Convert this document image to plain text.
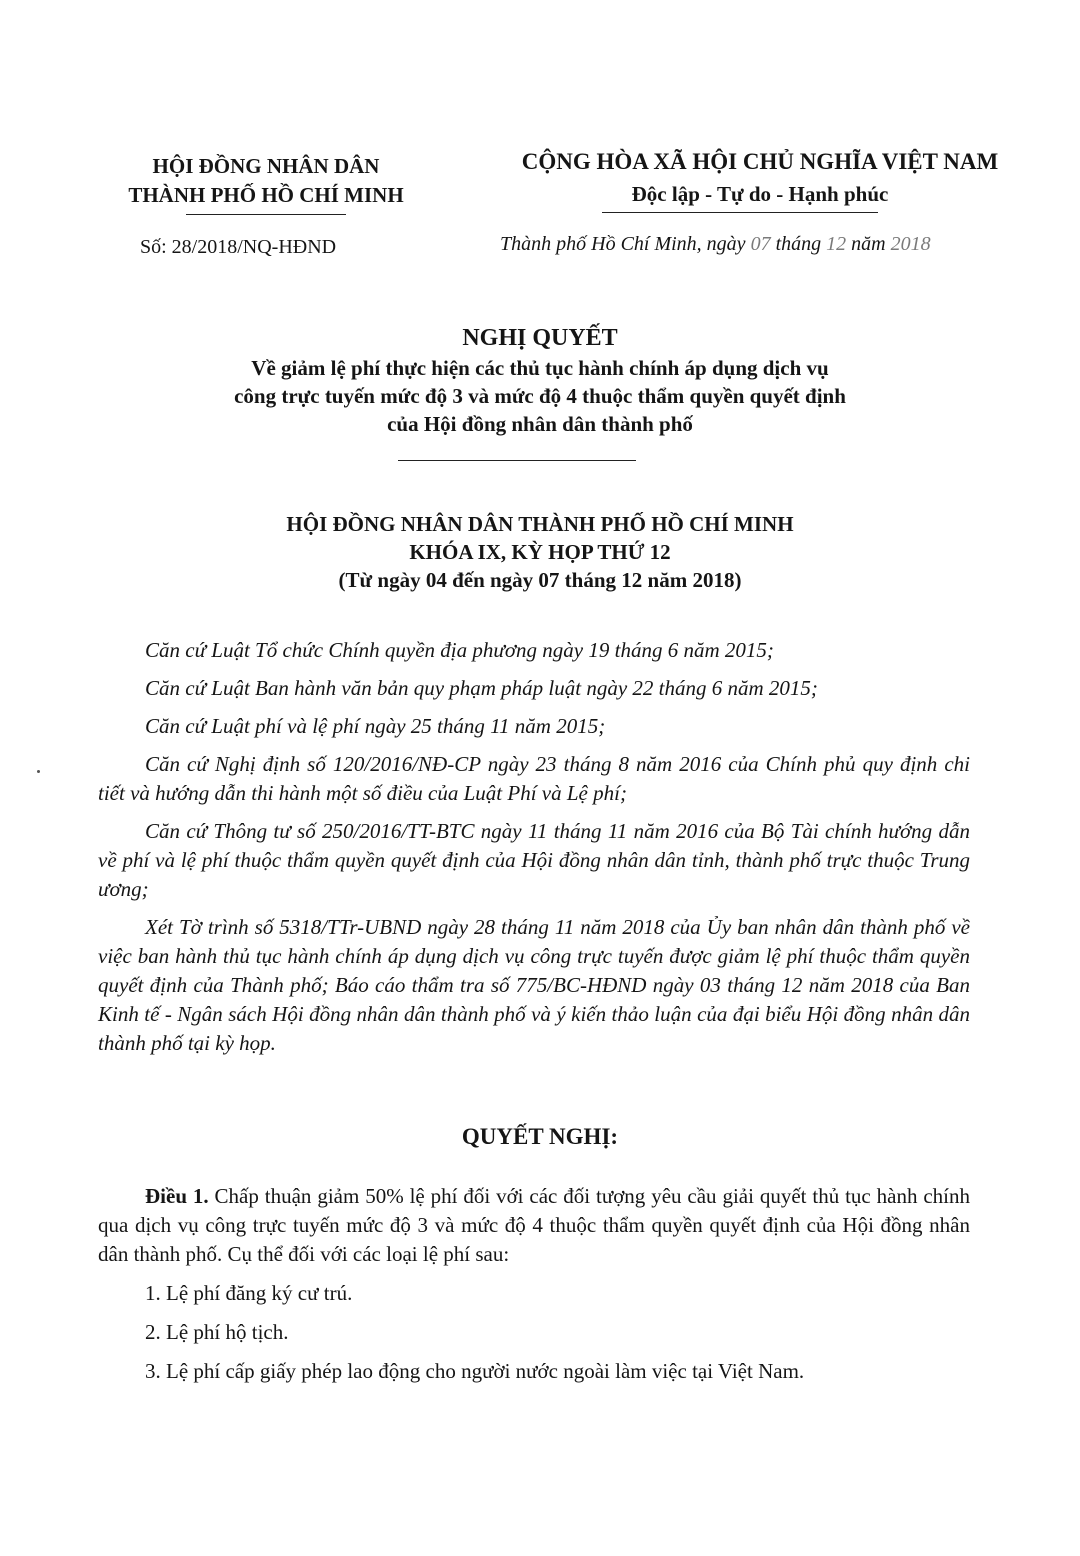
HỘI ĐỒNG NHÂN DÂN
THÀNH PHỐ HỒ CHÍ MINH
CỘNG HÒA XÃ HỘI CHỦ NGHĨA VIỆT NAM
Độc lập - Tự do - Hạnh phúc
Số: 28/2018/NQ-HĐND	Thành phố Hồ Chí Minh, ngày 07 tháng 12 năm 2018
NGHỊ QUYẾT
Về giảm lệ phí thực hiện các thủ tục hành chính áp dụng dịch vụ
công trực tuyến mức độ 3 và mức độ 4 thuộc thẩm quyền quyết định
của Hội đồng nhân dân thành phố
HỘI ĐỒNG NHÂN DÂN THÀNH PHỐ HỒ CHÍ MINH
KHÓA IX, KỲ HỌP THỨ 12
(Từ ngày 04 đến ngày 07 tháng 12 năm 2018)

Căn cứ Luật Tổ chức Chính quyền địa phương ngày 19 tháng 6 năm 2015;

Căn cứ Luật Ban hành văn bản quy phạm pháp luật ngày 22 tháng 6 năm 2015;

Căn cứ Luật phí và lệ phí ngày 25 tháng 11 năm 2015;

Căn cứ Nghị định số 120/2016/NĐ-CP ngày 23 tháng 8 năm 2016 của Chính phủ quy định chi tiết và hướng dẫn thi hành một số điều của Luật Phí và Lệ phí;

Căn cứ Thông tư số 250/2016/TT-BTC ngày 11 tháng 11 năm 2016 của Bộ Tài chính hướng dẫn về phí và lệ phí thuộc thẩm quyền quyết định của Hội đồng nhân dân tỉnh, thành phố trực thuộc Trung ương;

Xét Tờ trình số 5318/TTr-UBND ngày 28 tháng 11 năm 2018 của Ủy ban nhân dân thành phố về việc ban hành thủ tục hành chính áp dụng dịch vụ công trực tuyến được giảm lệ phí thuộc thẩm quyền quyết định của Thành phố; Báo cáo thẩm tra số 775/BC-HĐND ngày 03 tháng 12 năm 2018 của Ban Kinh tế - Ngân sách Hội đồng nhân dân thành phố và ý kiến thảo luận của đại biểu Hội đồng nhân dân thành phố tại kỳ họp.

QUYẾT NGHỊ:

Điều 1. Chấp thuận giảm 50% lệ phí đối với các đối tượng yêu cầu giải quyết thủ tục hành chính qua dịch vụ công trực tuyến mức độ 3 và mức độ 4 thuộc thẩm quyền quyết định của Hội đồng nhân dân thành phố. Cụ thể đối với các loại lệ phí sau:

1. Lệ phí đăng ký cư trú.

2. Lệ phí hộ tịch.

3. Lệ phí cấp giấy phép lao động cho người nước ngoài làm việc tại Việt Nam.
